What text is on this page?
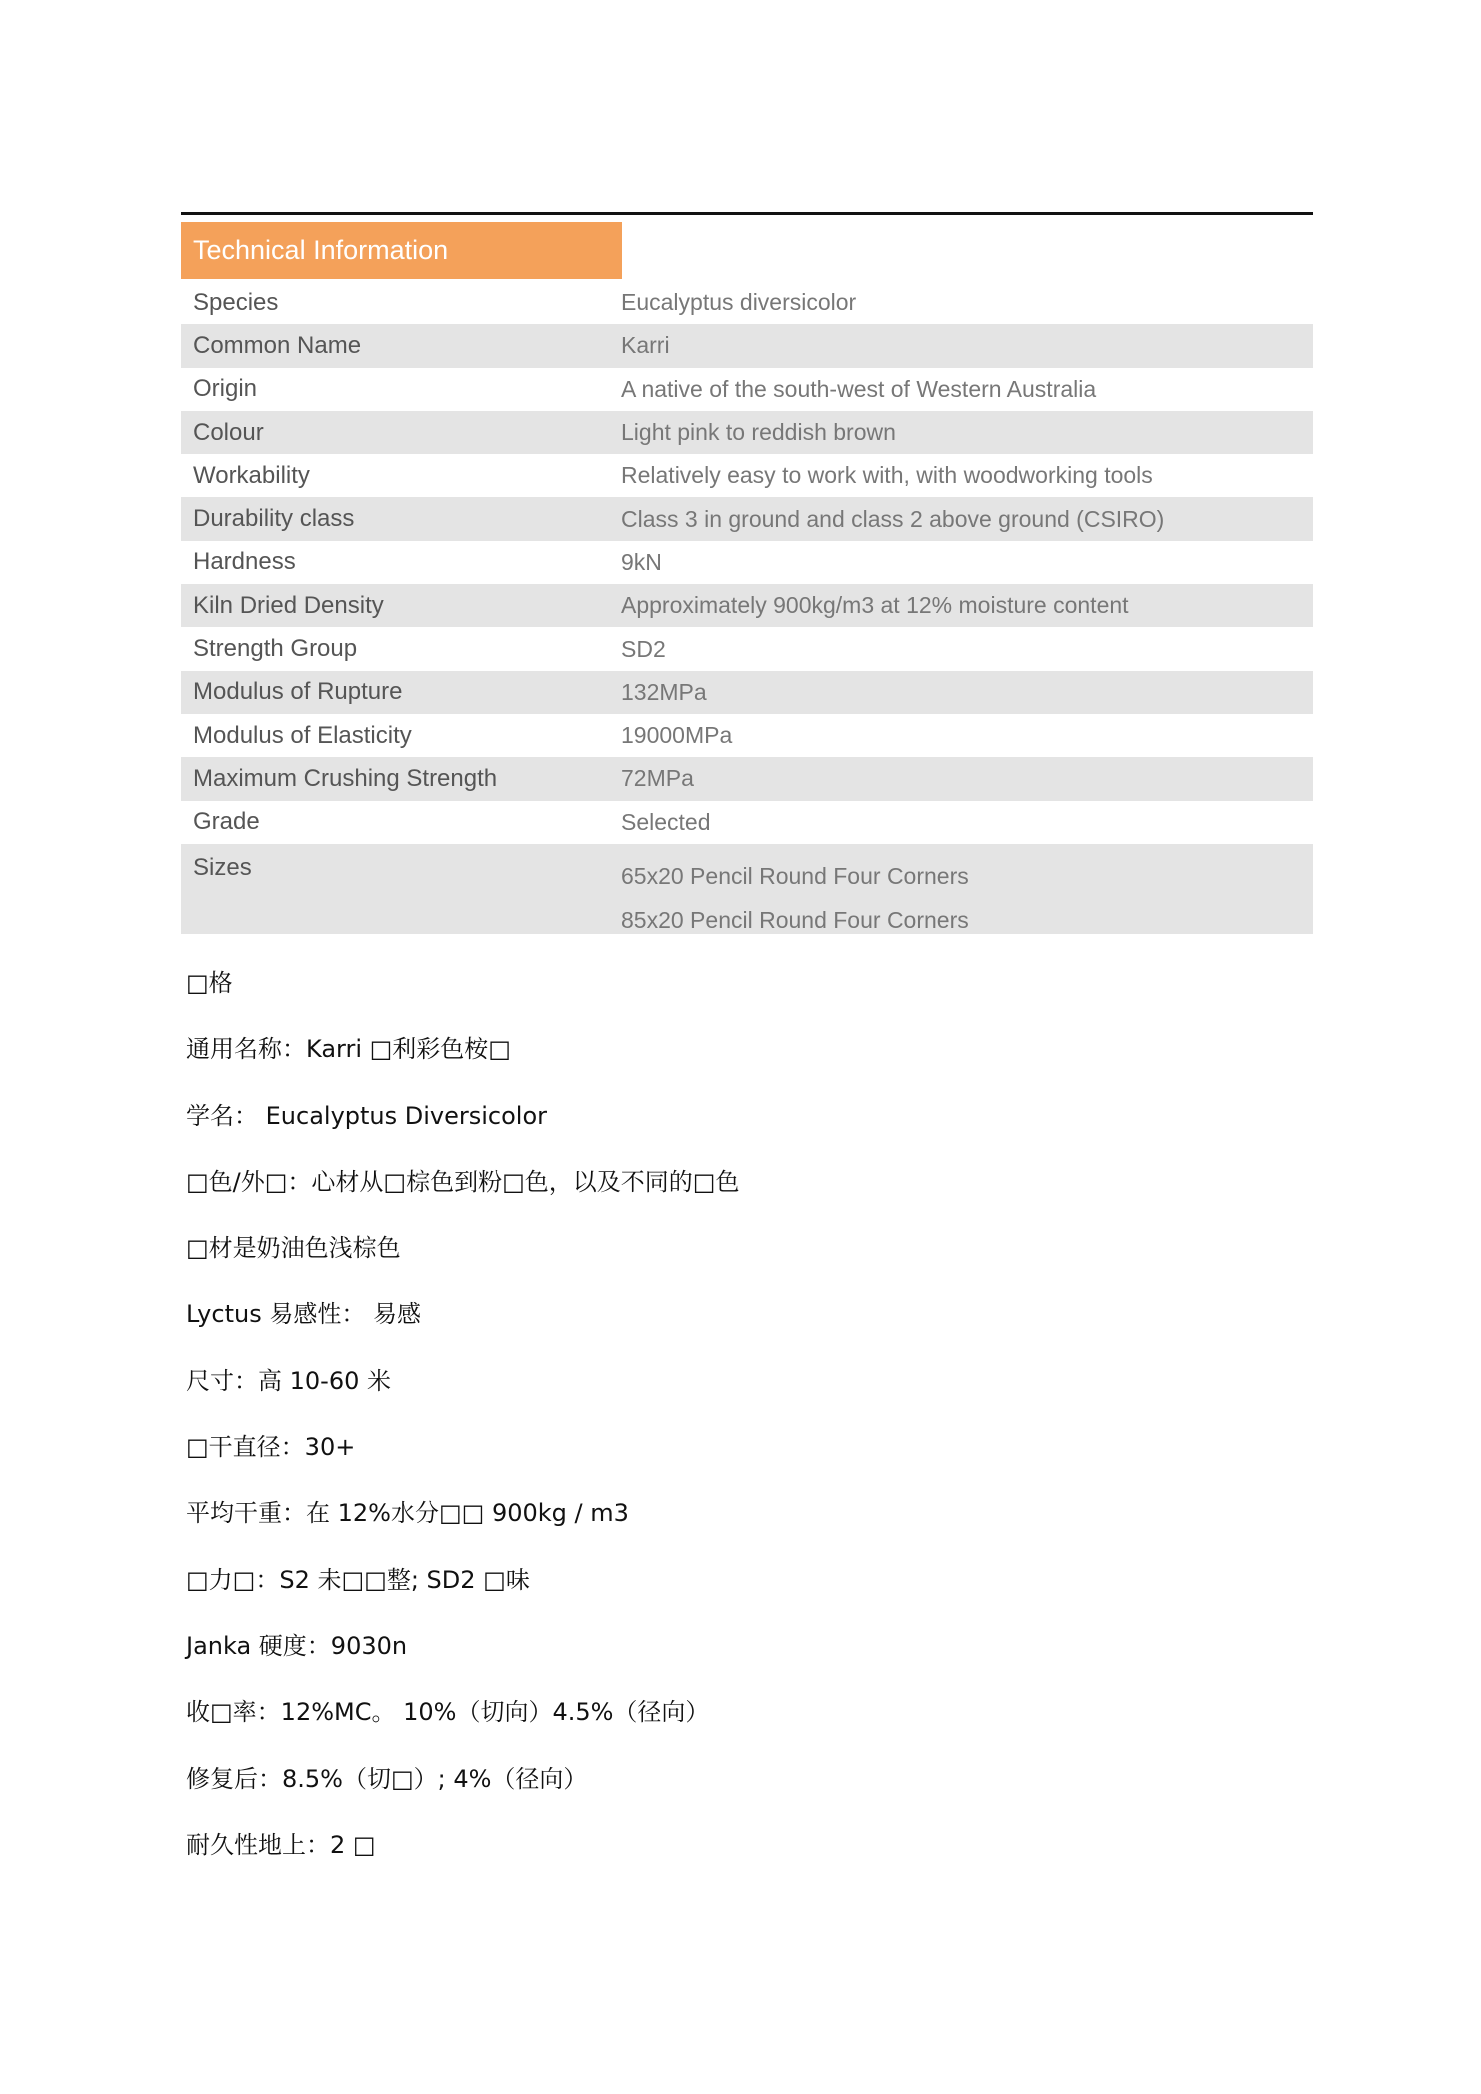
Technical Information
Species	Eucalyptus diversicolor
Common Name	Karri
Origin	A native of the south-west of Western Australia
Colour	Light pink to reddish brown
Workability	Relatively easy to work with, with woodworking tools
Durability class	Class 3 in ground and class 2 above ground (CSIRO)
Hardness	9kN
Kiln Dried Density	Approximately 900kg/m3 at 12% moisture content
Strength Group	SD2
Modulus of Rupture	132MPa
Modulus of Elasticity	19000MPa
Maximum Crushing Strength	72MPa
Grade	Selected
Sizes	65x20 Pencil Round Four Corners
85x20 Pencil Round Four Corners
□格
通用名称：Karri □利彩色桉□
学名： Eucalyptus Diversicolor
□色/外□：心材从□棕色到粉□色，以及不同的□色
□材是奶油色浅棕色
Lyctus 易感性： 易感
尺寸：高 10-60 米
□干直径：30+
平均干重：在 12%水分□□ 900kg / m3
□力□：S2 未□□整; SD2 □味
Janka 硬度：9030n
收□率：12%MC。 10%（切向）4.5%（径向）
修复后：8.5%（切□）; 4%（径向）
耐久性地上：2 □
